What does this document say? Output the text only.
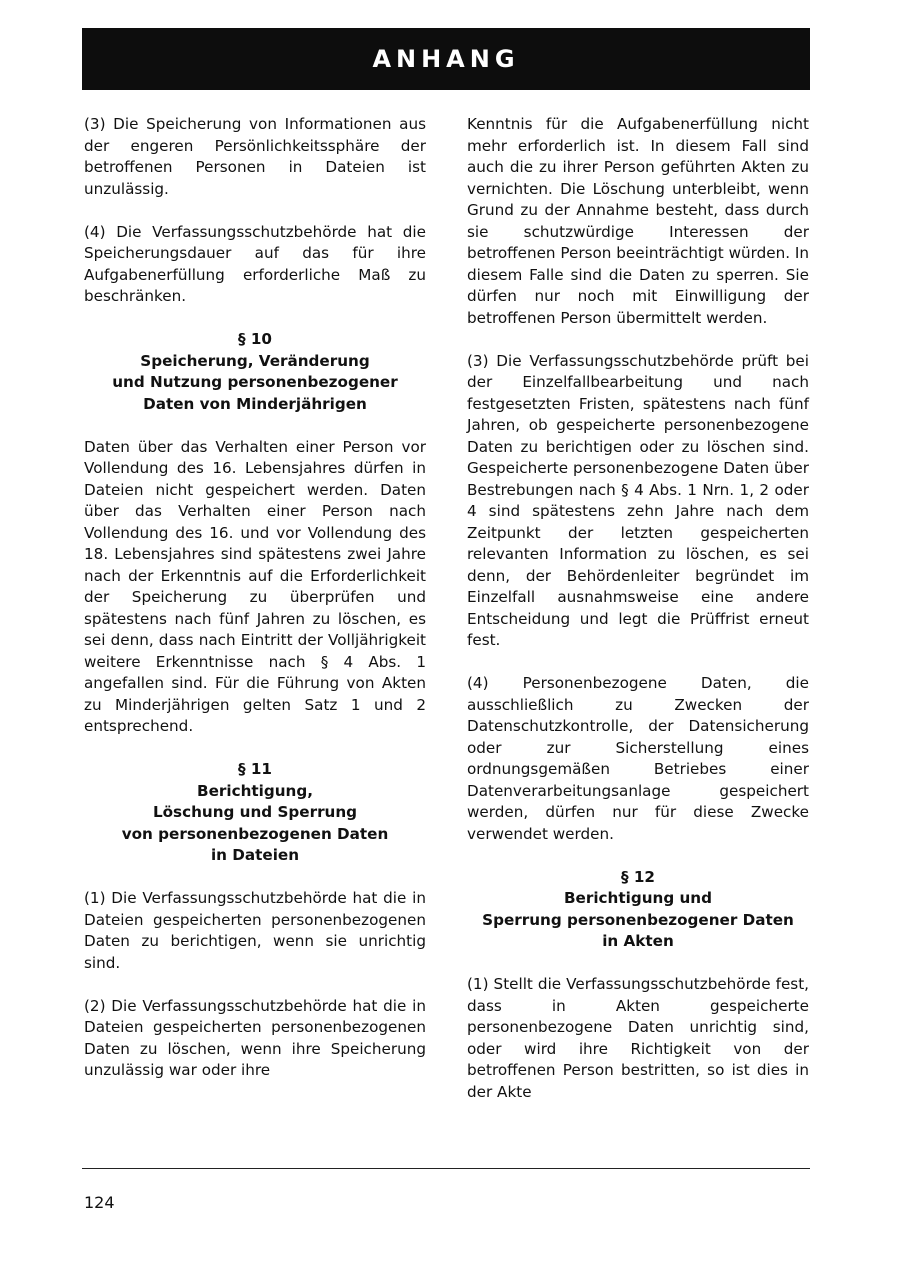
ANHANG

(3) Die Speicherung von Informationen aus der engeren Persönlichkeitssphäre der betroffenen Personen in Dateien ist unzulässig.

(4) Die Verfassungsschutzbehörde hat die Speicherungsdauer auf das für ihre Aufgabenerfüllung erforderliche Maß zu beschränken.

§ 10
Speicherung, Veränderung
und Nutzung personenbezogener
Daten von Minderjährigen

Daten über das Verhalten einer Person vor Vollendung des 16. Lebensjahres dürfen in Dateien nicht gespeichert werden. Daten über das Verhalten einer Person nach Vollendung des 16. und vor Vollendung des 18. Lebensjahres sind spätestens zwei Jahre nach der Erkenntnis auf die Erforderlichkeit der Speicherung zu überprüfen und spätestens nach fünf Jahren zu löschen, es sei denn, dass nach Eintritt der Volljährigkeit weitere Erkenntnisse nach § 4 Abs. 1 angefallen sind. Für die Führung von Akten zu Minderjährigen gelten Satz 1 und 2 entsprechend.

§ 11
Berichtigung,
Löschung und Sperrung
von personenbezogenen Daten
in Dateien

(1) Die Verfassungsschutzbehörde hat die in Dateien gespeicherten personenbezogenen Daten zu berichtigen, wenn sie unrichtig sind.

(2) Die Verfassungsschutzbehörde hat die in Dateien gespeicherten personenbezogenen Daten zu löschen, wenn ihre Speicherung unzulässig war oder ihre

Kenntnis für die Aufgabenerfüllung nicht mehr erforderlich ist. In diesem Fall sind auch die zu ihrer Person geführten Akten zu vernichten. Die Löschung unterbleibt, wenn Grund zu der Annahme besteht, dass durch sie schutzwürdige Interessen der betroffenen Person beeinträchtigt würden. In diesem Falle sind die Daten zu sperren. Sie dürfen nur noch mit Einwilligung der betroffenen Person übermittelt werden.

(3) Die Verfassungsschutzbehörde prüft bei der Einzelfallbearbeitung und nach festgesetzten Fristen, spätestens nach fünf Jahren, ob gespeicherte personenbezogene Daten zu berichtigen oder zu löschen sind. Gespeicherte personenbezogene Daten über Bestrebungen nach § 4 Abs. 1 Nrn. 1, 2 oder 4 sind spätestens zehn Jahre nach dem Zeitpunkt der letzten gespeicherten relevanten Information zu löschen, es sei denn, der Behördenleiter begründet im Einzelfall ausnahmsweise eine andere Entscheidung und legt die Prüffrist erneut fest.

(4) Personenbezogene Daten, die ausschließlich zu Zwecken der Datenschutzkontrolle, der Datensicherung oder zur Sicherstellung eines ordnungsgemäßen Betriebes einer Datenverarbeitungsanlage gespeichert werden, dürfen nur für diese Zwecke verwendet werden.

§ 12
Berichtigung und
Sperrung personenbezogener Daten
in Akten

(1) Stellt die Verfassungsschutzbehörde fest, dass in Akten gespeicherte personenbezogene Daten unrichtig sind, oder wird ihre Richtigkeit von der betroffenen Person bestritten, so ist dies in der Akte

124
